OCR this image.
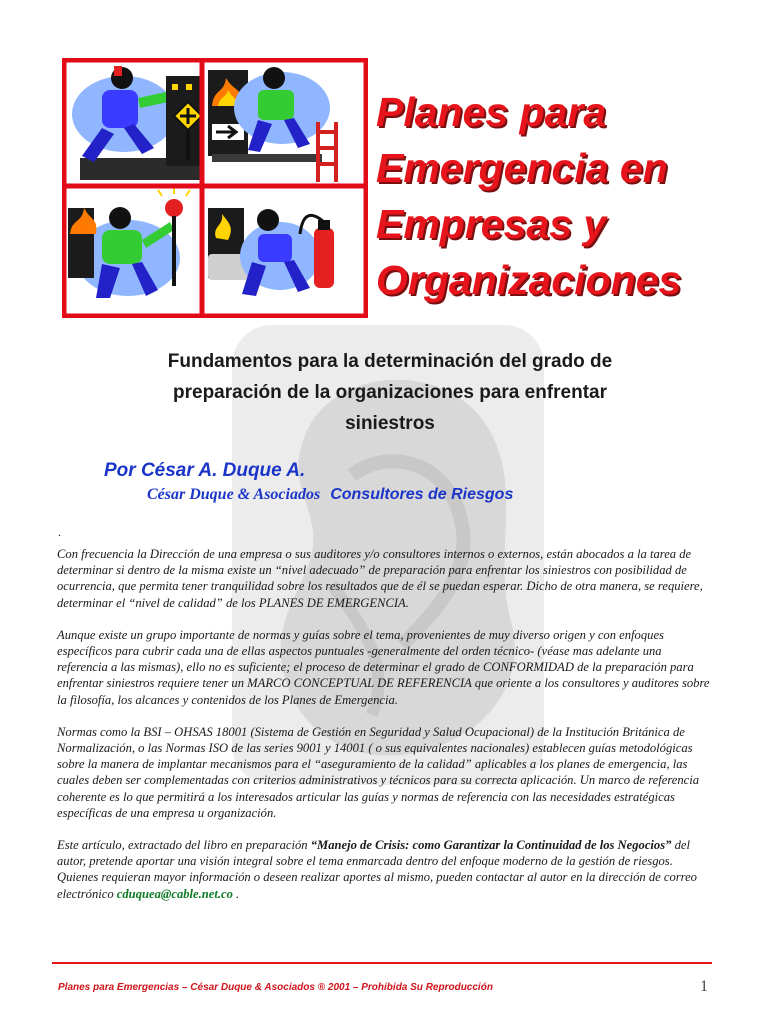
Planes para
Emergencia en
Empresas y
Organizaciones
Fundamentos para la determinación del grado de
preparación de la organizaciones para enfrentar
siniestros
Por César A. Duque A.
César Duque & Asociados Consultores de Riesgos
.

Con frecuencia la Dirección de una empresa o sus auditores y/o consultores internos o externos, están abocados a la tarea de determinar si dentro de la misma existe un “nivel adecuado” de preparación para enfrentar los siniestros con posibilidad de ocurrencia, que permita tener tranquilidad sobre los resultados que de él se puedan esperar. Dicho de otra manera, se requiere, determinar el “nivel de calidad” de los PLANES DE EMERGENCIA.

Aunque existe un grupo importante de normas y guías sobre el tema, provenientes de muy diverso origen y con enfoques específicos para cubrir cada una de ellas aspectos puntuales -generalmente del orden técnico- (véase mas adelante una referencia a las mismas), ello no es suficiente; el proceso de determinar el grado de CONFORMIDAD de la preparación para enfrentar siniestros requiere tener un MARCO CONCEPTUAL DE REFERENCIA que oriente a los consultores y auditores sobre la filosofía, los alcances y contenidos de los Planes de Emergencia.

Normas como la BSI – OHSAS 18001 (Sistema de Gestión en Seguridad y Salud Ocupacional) de la Institución Británica de Normalización, o las Normas ISO de las series 9001 y 14001 ( o sus equivalentes nacionales) establecen guías metodológicas sobre la manera de implantar mecanismos para el “aseguramiento de la calidad” aplicables a los planes de emergencia, las cuales deben ser complementadas con criterios administrativos y técnicos para su correcta aplicación. Un marco de referencia coherente es lo que permitirá a los interesados articular las guías y normas de referencia con las necesidades estratégicas específicas de una empresa u organización.

Este artículo, extractado del libro en preparación “Manejo de Crisis: como Garantizar la Continuidad de los Negocios” del autor, pretende aportar una visión integral sobre el tema enmarcada dentro del enfoque moderno de la gestión de riesgos. Quienes requieran mayor información o deseen realizar aportes al mismo, pueden contactar al autor en la dirección de correo electrónico cduquea@cable.net.co .

Planes para Emergencias – César Duque & Asociados ® 2001 – Prohibida Su Reproducción	1
